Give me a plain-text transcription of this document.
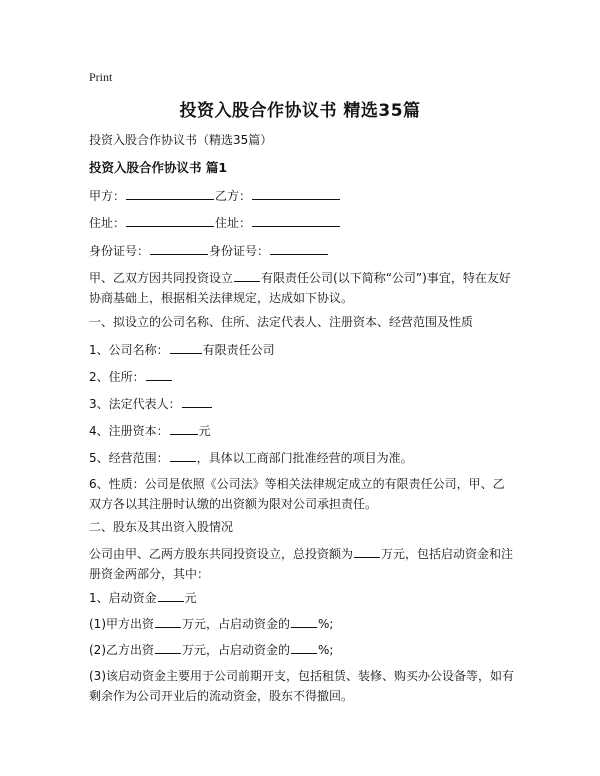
Print
投资入股合作协议书 精选35篇
投资入股合作协议书（精选35篇）
投资入股合作协议书 篇1
甲方：	乙方：
住址：	住址：
身份证号：	身份证号：
甲、乙双方因共同投资设立 有限责任公司(以下简称“公司”)事宜，特在友好协商基础上，根据相关法律规定，达成如下协议。
一、拟设立的公司名称、住所、法定代表人、注册资本、经营范围及性质
1、公司名称：	有限责任公司
2、住所：
3、法定代表人：
4、注册资本：	元
5、经营范围： ，具体以工商部门批准经营的项目为准。
6、性质：公司是依照《公司法》等相关法律规定成立的有限责任公司，甲、乙双方各以其注册时认缴的出资额为限对公司承担责任。
二、股东及其出资入股情况
公司由甲、乙两方股东共同投资设立，总投资额为 万元，包括启动资金和注册资金两部分，其中：
1、启动资金 元
(1)甲方出资 万元，占启动资金的 %;
(2)乙方出资 万元，占启动资金的 %;
(3)该启动资金主要用于公司前期开支，包括租赁、装修、购买办公设备等，如有剩余作为公司开业后的流动资金，股东不得撤回。
